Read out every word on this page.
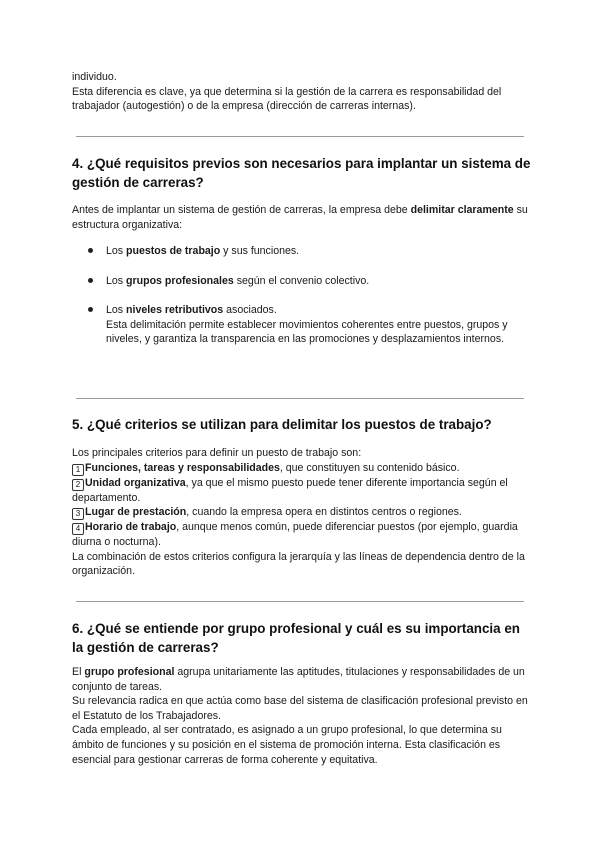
individuo.

Esta diferencia es clave, ya que determina si la gestión de la carrera es responsabilidad del trabajador (autogestión) o de la empresa (dirección de carreras internas).

4. ¿Qué requisitos previos son necesarios para implantar un sistema de gestión de carreras?

Antes de implantar un sistema de gestión de carreras, la empresa debe delimitar claramente su estructura organizativa:

Los puestos de trabajo y sus funciones.
Los grupos profesionales según el convenio colectivo.
Los niveles retributivos asociados.
Esta delimitación permite establecer movimientos coherentes entre puestos, grupos y niveles, y garantiza la transparencia en las promociones y desplazamientos internos.
5. ¿Qué criterios se utilizan para delimitar los puestos de trabajo?

Los principales criterios para definir un puesto de trabajo son:

1 Funciones, tareas y responsabilidades, que constituyen su contenido básico.

2 Unidad organizativa, ya que el mismo puesto puede tener diferente importancia según el departamento.

3 Lugar de prestación, cuando la empresa opera en distintos centros o regiones.

4 Horario de trabajo, aunque menos común, puede diferenciar puestos (por ejemplo, guardia diurna o nocturna).

La combinación de estos criterios configura la jerarquía y las líneas de dependencia dentro de la organización.

6. ¿Qué se entiende por grupo profesional y cuál es su importancia en la gestión de carreras?

El grupo profesional agrupa unitariamente las aptitudes, titulaciones y responsabilidades de un conjunto de tareas.

Su relevancia radica en que actúa como base del sistema de clasificación profesional previsto en el Estatuto de los Trabajadores.

Cada empleado, al ser contratado, es asignado a un grupo profesional, lo que determina su ámbito de funciones y su posición en el sistema de promoción interna. Esta clasificación es esencial para gestionar carreras de forma coherente y equitativa.
